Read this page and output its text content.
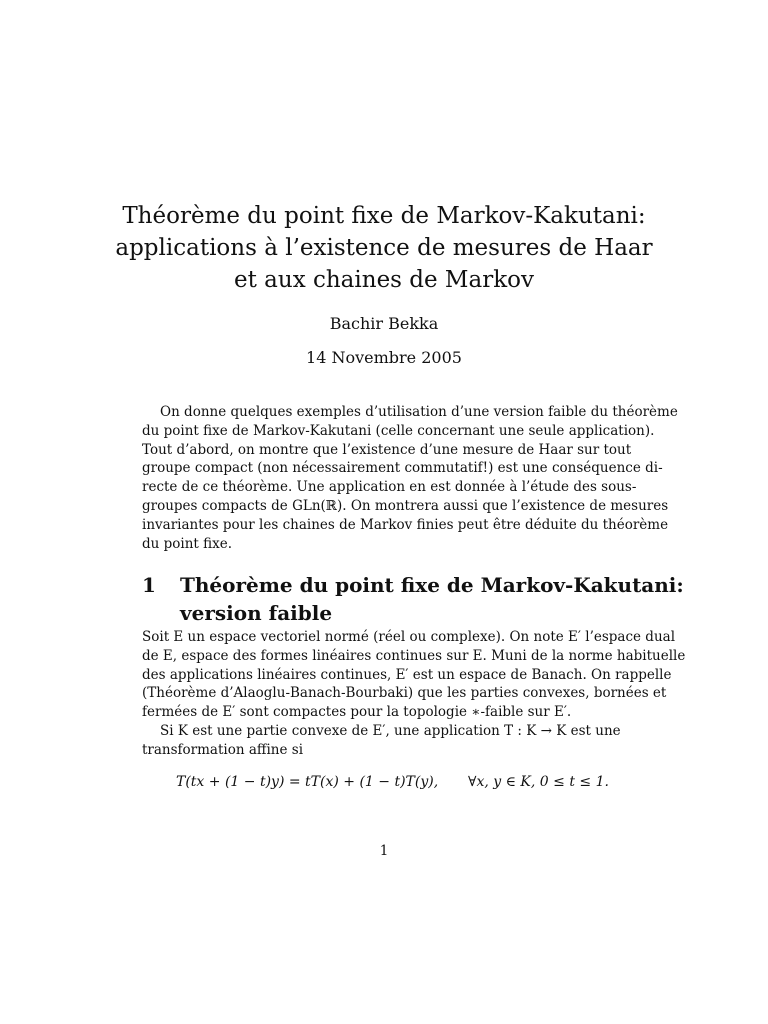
Théorème du point fixe de Markov-Kakutani:
applications à l’existence de mesures de Haar
et aux chaines de Markov
Bachir Bekka
14 Novembre 2005
On donne quelques exemples d’utilisation d’une version faible du théorème
du point fixe de Markov-Kakutani (celle concernant une seule application).
Tout d’abord, on montre que l’existence d’une mesure de Haar sur tout
groupe compact (non nécessairement commutatif!) est une conséquence di-
recte de ce théorème. Une application en est donnée à l’étude des sous-
groupes compacts de GLn(ℝ). On montrera aussi que l’existence de mesures
invariantes pour les chaines de Markov finies peut être déduite du théorème
du point fixe.
1 Théorème du point fixe de Markov-Kakutani:
version faible
Soit E un espace vectoriel normé (réel ou complexe). On note E′ l’espace dual
de E, espace des formes linéaires continues sur E. Muni de la norme habituelle
des applications linéaires continues, E′ est un espace de Banach. On rappelle
(Théorème d’Alaoglu-Banach-Bourbaki) que les parties convexes, bornées et
fermées de E′ sont compactes pour la topologie ∗-faible sur E′.
Si K est une partie convexe de E′, une application T : K → K est une
transformation affine si
T(tx + (1 − t)y) = tT(x) + (1 − t)T(y), ∀x, y ∈ K, 0 ≤ t ≤ 1.
1
